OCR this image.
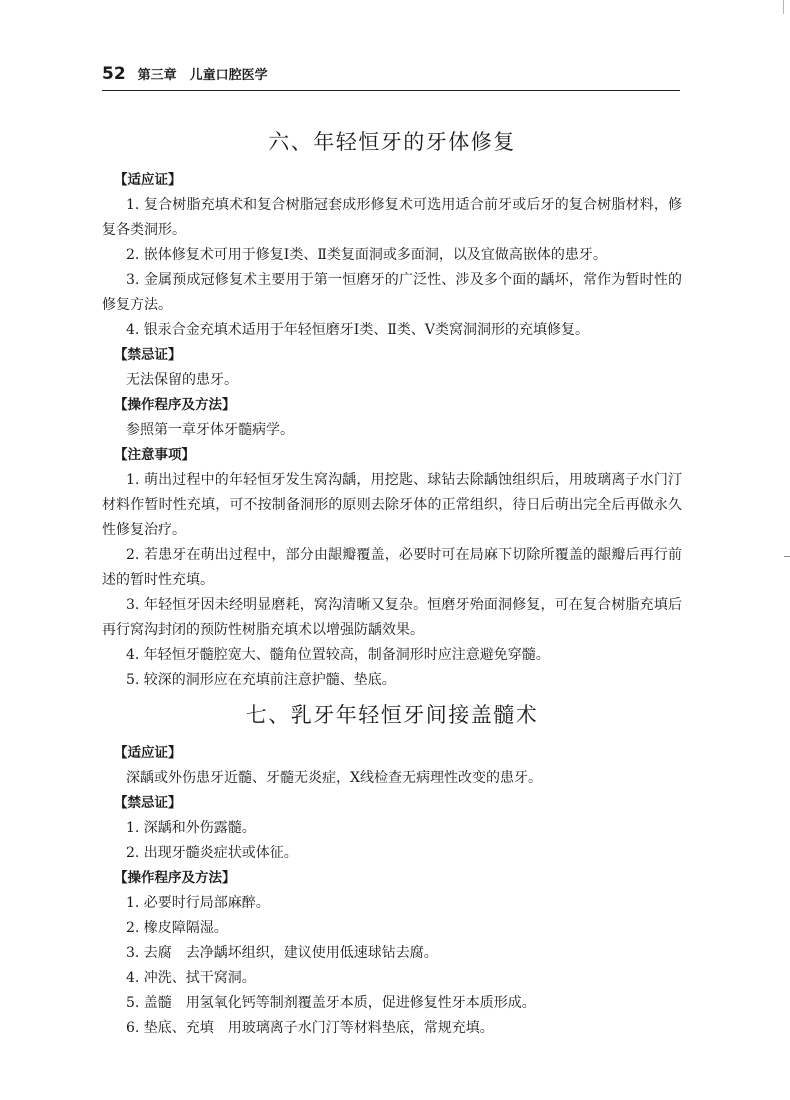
52 第三章　儿童口腔医学
六、年轻恒牙的牙体修复
【适应证】
1. 复合树脂充填术和复合树脂冠套成形修复术可选用适合前牙或后牙的复合树脂材料，修复各类洞形。
2. 嵌体修复术可用于修复Ⅰ类、Ⅱ类复面洞或多面洞，以及宜做高嵌体的患牙。
3. 金属预成冠修复术主要用于第一恒磨牙的广泛性、涉及多个面的龋坏，常作为暂时性的修复方法。
4. 银汞合金充填术适用于年轻恒磨牙Ⅰ类、Ⅱ类、Ⅴ类窝洞洞形的充填修复。
【禁忌证】
无法保留的患牙。
【操作程序及方法】
参照第一章牙体牙髓病学。
【注意事项】
1. 萌出过程中的年轻恒牙发生窝沟龋，用挖匙、球钻去除龋蚀组织后，用玻璃离子水门汀材料作暂时性充填，可不按制备洞形的原则去除牙体的正常组织，待日后萌出完全后再做永久性修复治疗。
2. 若患牙在萌出过程中，部分由龈瓣覆盖，必要时可在局麻下切除所覆盖的龈瓣后再行前述的暂时性充填。
3. 年轻恒牙因未经明显磨耗，窝沟清晰又复杂。恒磨牙殆面洞修复，可在复合树脂充填后再行窝沟封闭的预防性树脂充填术以增强防龋效果。
4. 年轻恒牙髓腔宽大、髓角位置较高，制备洞形时应注意避免穿髓。
5. 较深的洞形应在充填前注意护髓、垫底。
七、乳牙年轻恒牙间接盖髓术
【适应证】
深龋或外伤患牙近髓、牙髓无炎症，X线检查无病理性改变的患牙。
【禁忌证】
1. 深龋和外伤露髓。
2. 出现牙髓炎症状或体征。
【操作程序及方法】
1. 必要时行局部麻醉。
2. 橡皮障隔湿。
3. 去腐　去净龋坏组织，建议使用低速球钻去腐。
4. 冲洗、拭干窝洞。
5. 盖髓　用氢氧化钙等制剂覆盖牙本质，促进修复性牙本质形成。
6. 垫底、充填　用玻璃离子水门汀等材料垫底，常规充填。
